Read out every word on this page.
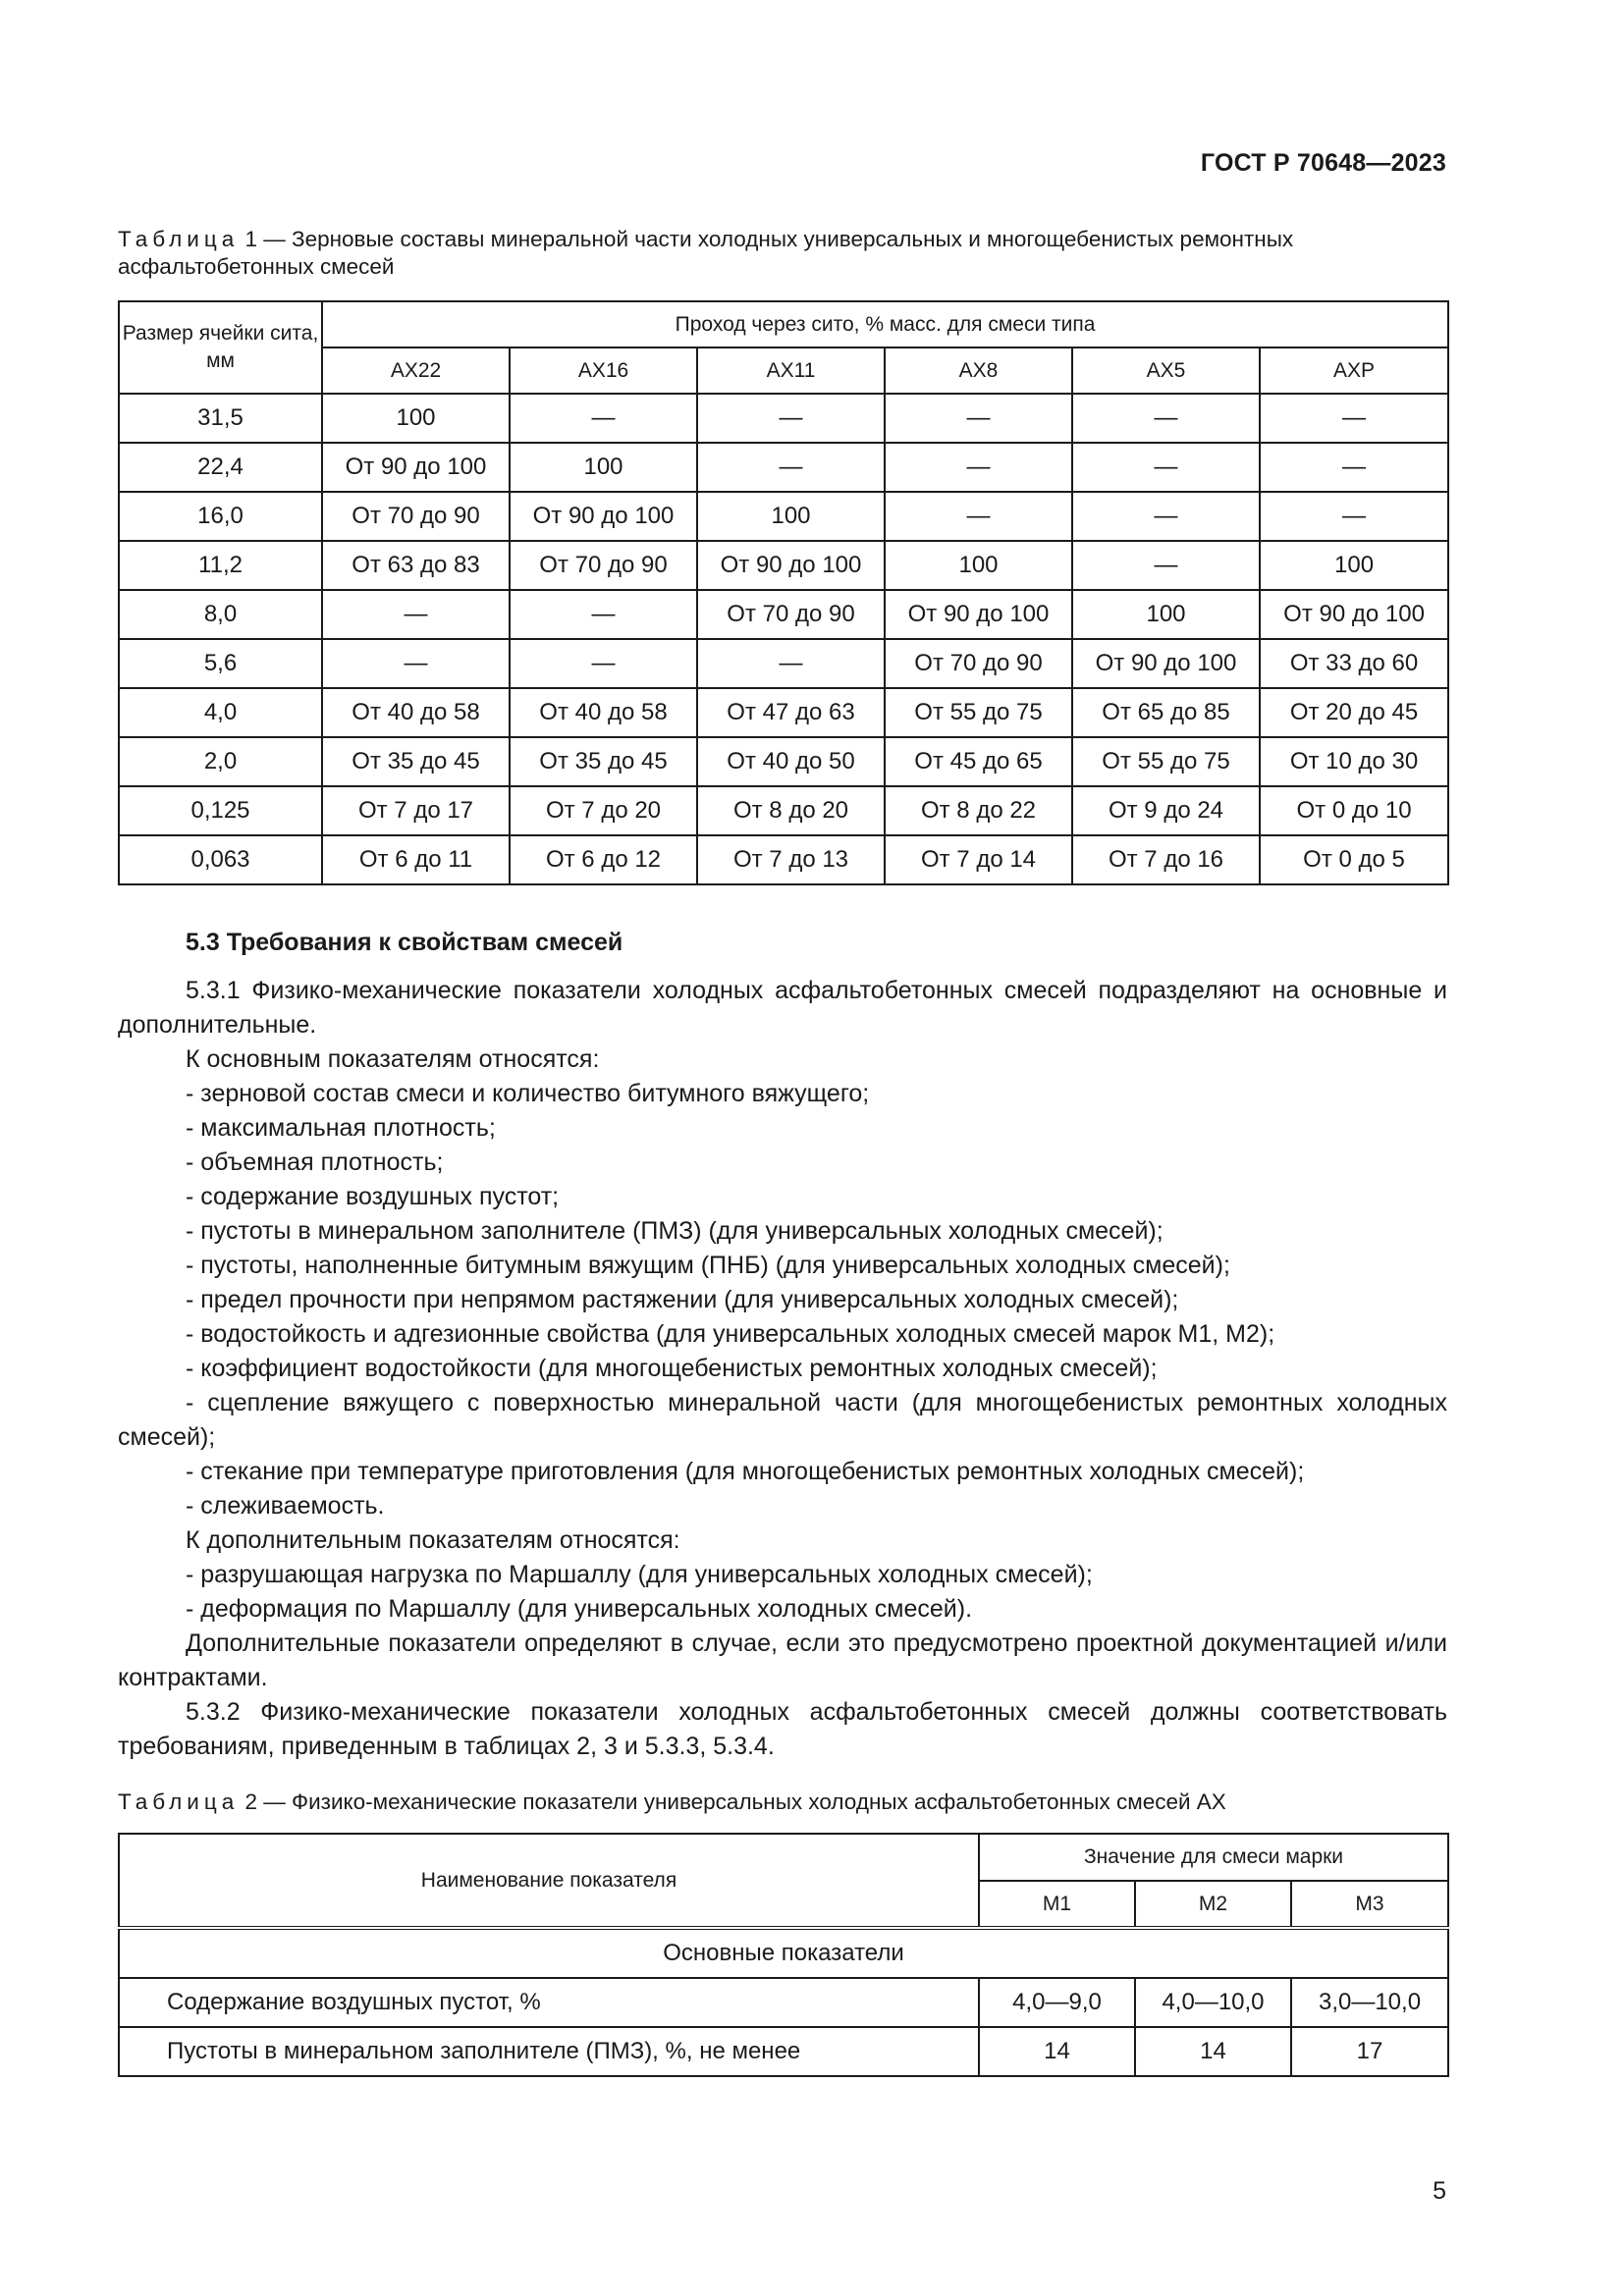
ГОСТ Р 70648—2023
Таблица 1 — Зерновые составы минеральной части холодных универсальных и многощебенистых ремонтных асфальтобетонных смесей
Размер ячейки сита, мм	Проход через сито, % масс. для смеси типа					
	АХ22	АХ16	АХ11	АХ8	АХ5	АХР
31,5	100	—	—	—	—	—
22,4	От 90 до 100	100	—	—	—	—
16,0	От 70 до 90	От 90 до 100	100	—	—	—
11,2	От 63 до 83	От 70 до 90	От 90 до 100	100	—	100
8,0	—	—	От 70 до 90	От 90 до 100	100	От 90 до 100
5,6	—	—	—	От 70 до 90	От 90 до 100	От 33 до 60
4,0	От 40 до 58	От 40 до 58	От 47 до 63	От 55 до 75	От 65 до 85	От 20 до 45
2,0	От 35 до 45	От 35 до 45	От 40 до 50	От 45 до 65	От 55 до 75	От 10 до 30
0,125	От 7 до 17	От 7 до 20	От 8 до 20	От 8 до 22	От 9 до 24	От 0 до 10
0,063	От 6 до 11	От 6 до 12	От 7 до 13	От 7 до 14	От 7 до 16	От 0 до 5

5.3 Требования к свойствам смесей

5.3.1 Физико-механические показатели холодных асфальтобетонных смесей подразделяют на основные и дополнительные.

К основным показателям относятся:

- зерновой состав смеси и количество битумного вяжущего;

- максимальная плотность;

- объемная плотность;

- содержание воздушных пустот;

- пустоты в минеральном заполнителе (ПМЗ) (для универсальных холодных смесей);

- пустоты, наполненные битумным вяжущим (ПНБ) (для универсальных холодных смесей);

- предел прочности при непрямом растяжении (для универсальных холодных смесей);

- водостойкость и адгезионные свойства (для универсальных холодных смесей марок М1, М2);

- коэффициент водостойкости (для многощебенистых ремонтных холодных смесей);

- сцепление вяжущего с поверхностью минеральной части (для многощебенистых ремонтных холодных смесей);

- стекание при температуре приготовления (для многощебенистых ремонтных холодных смесей);

- слеживаемость.

К дополнительным показателям относятся:

- разрушающая нагрузка по Маршаллу (для универсальных холодных смесей);

- деформация по Маршаллу (для универсальных холодных смесей).

Дополнительные показатели определяют в случае, если это предусмотрено проектной документацией и/или контрактами.

5.3.2 Физико-механические показатели холодных асфальтобетонных смесей должны соответствовать требованиям, приведенным в таблицах 2, 3 и 5.3.3, 5.3.4.

Таблица 2 — Физико-механические показатели универсальных холодных асфальтобетонных смесей АХ
Наименование показателя	Значение для смеси марки		
	М1	М2	М3
Основные показатели			
Содержание воздушных пустот, %	4,0—9,0	4,0—10,0	3,0—10,0
Пустоты в минеральном заполнителе (ПМЗ), %, не менее	14	14	17
5
